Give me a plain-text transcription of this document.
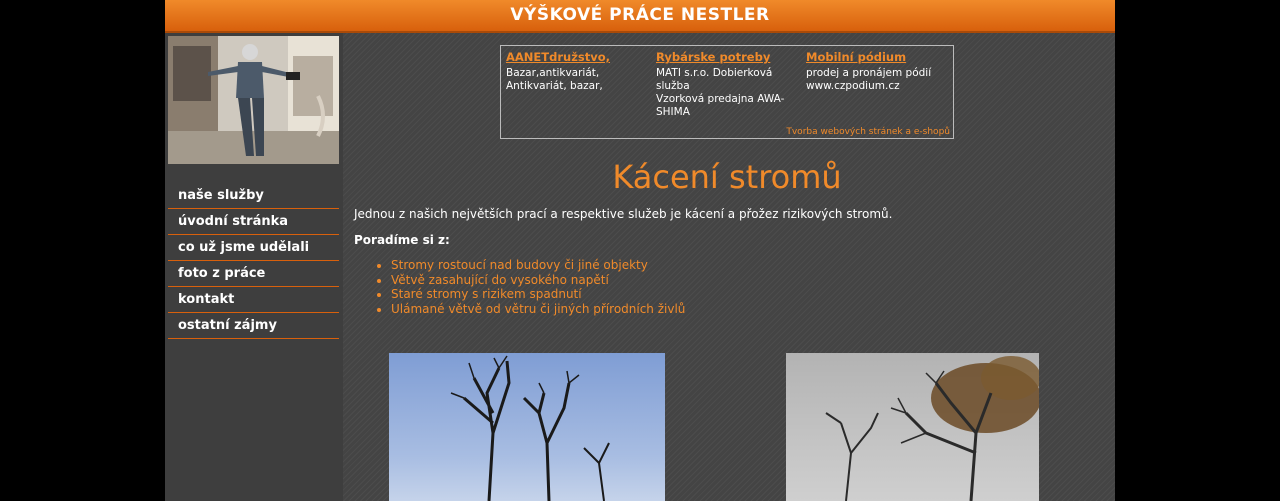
VÝŠKOVÉ PRÁCE NESTLER
naše služby
úvodní stránka
co už jsme udělali
foto z práce
kontakt
ostatní zájmy
AANETdružstvo,
Bazar,antikvariát, Antikvariát, bazar,
Rybárske potreby
MATI s.r.o. Dobierková služba
Vzorková predajna AWA-SHIMA
Mobilní pódium
prodej a pronájem pódií www.czpodium.cz
Tvorba webových stránek a e-shopů
Kácení stromů

Jednou z našich největších prací a respektive služeb je kácení a přožez rizikových stromů.

Poradíme si z:

• Stromy rostoucí nad budovy či jiné objekty
• Větvě zasahující do vysokého napětí
• Staré stromy s rizikem spadnutí
• Ulámané větvě od větru či jiných přírodních živlů
